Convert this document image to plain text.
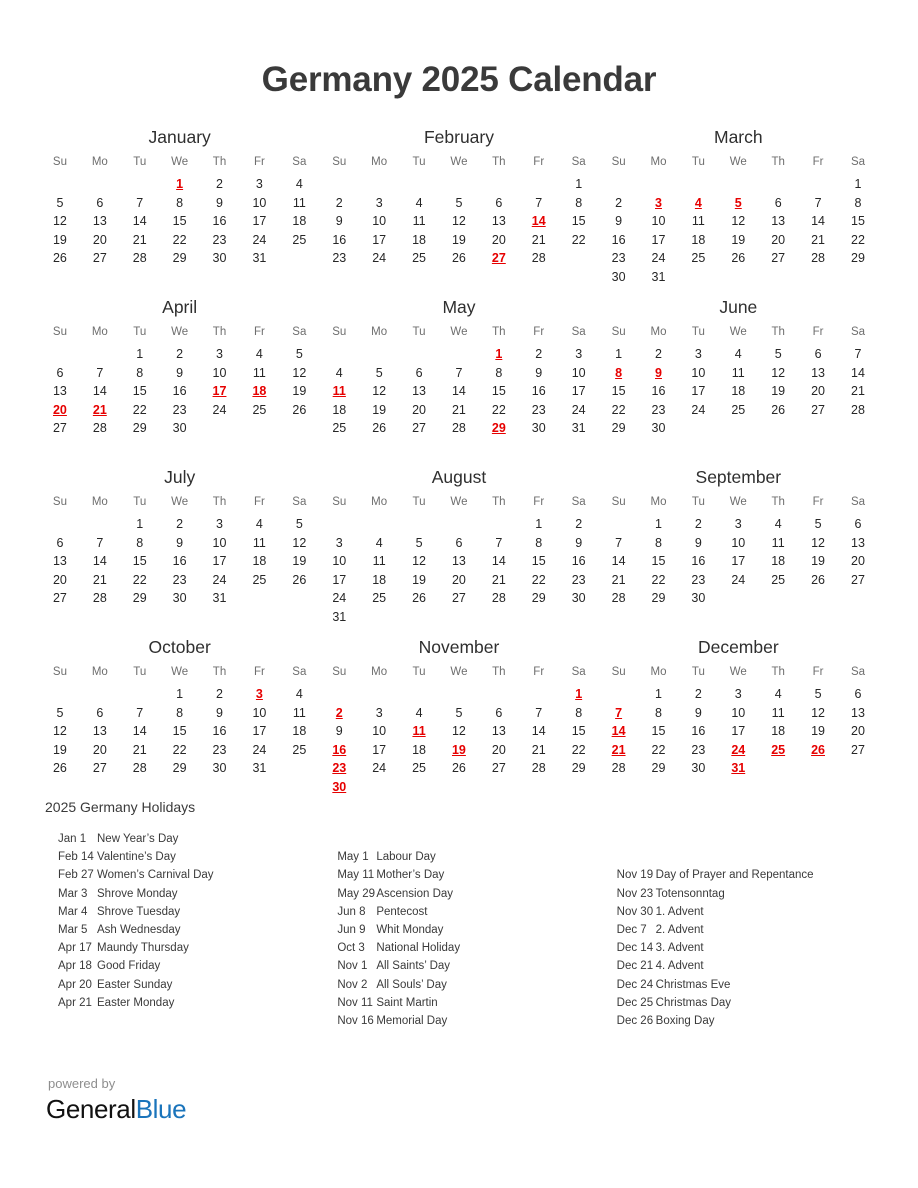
Germany 2025 Calendar
January
Su	Mo	Tu	We	Th	Fr	Sa
			1	2	3	4
5	6	7	8	9	10	11
12	13	14	15	16	17	18
19	20	21	22	23	24	25
26	27	28	29	30	31	
February
Su	Mo	Tu	We	Th	Fr	Sa
						1
2	3	4	5	6	7	8
9	10	11	12	13	14	15
16	17	18	19	20	21	22
23	24	25	26	27	28	
March
Su	Mo	Tu	We	Th	Fr	Sa
						1
2	3	4	5	6	7	8
9	10	11	12	13	14	15
16	17	18	19	20	21	22
23	24	25	26	27	28	29
30	31					
April
Su	Mo	Tu	We	Th	Fr	Sa
		1	2	3	4	5
6	7	8	9	10	11	12
13	14	15	16	17	18	19
20	21	22	23	24	25	26
27	28	29	30			
May
Su	Mo	Tu	We	Th	Fr	Sa
				1	2	3
4	5	6	7	8	9	10
11	12	13	14	15	16	17
18	19	20	21	22	23	24
25	26	27	28	29	30	31
June
Su	Mo	Tu	We	Th	Fr	Sa
1	2	3	4	5	6	7
8	9	10	11	12	13	14
15	16	17	18	19	20	21
22	23	24	25	26	27	28
29	30					
July
Su	Mo	Tu	We	Th	Fr	Sa
		1	2	3	4	5
6	7	8	9	10	11	12
13	14	15	16	17	18	19
20	21	22	23	24	25	26
27	28	29	30	31		
August
Su	Mo	Tu	We	Th	Fr	Sa
					1	2
3	4	5	6	7	8	9
10	11	12	13	14	15	16
17	18	19	20	21	22	23
24	25	26	27	28	29	30
31						
September
Su	Mo	Tu	We	Th	Fr	Sa
	1	2	3	4	5	6
7	8	9	10	11	12	13
14	15	16	17	18	19	20
21	22	23	24	25	26	27
28	29	30				
October
Su	Mo	Tu	We	Th	Fr	Sa
			1	2	3	4
5	6	7	8	9	10	11
12	13	14	15	16	17	18
19	20	21	22	23	24	25
26	27	28	29	30	31	
November
Su	Mo	Tu	We	Th	Fr	Sa
						1
2	3	4	5	6	7	8
9	10	11	12	13	14	15
16	17	18	19	20	21	22
23	24	25	26	27	28	29
30						
December
Su	Mo	Tu	We	Th	Fr	Sa
	1	2	3	4	5	6
7	8	9	10	11	12	13
14	15	16	17	18	19	20
21	22	23	24	25	26	27
28	29	30	31			
2025 Germany Holidays
Jan 1 New Year’s Day
Feb 14 Valentine’s Day
Feb 27 Women’s Carnival Day
Mar 3 Shrove Monday
Mar 4 Shrove Tuesday
Mar 5 Ash Wednesday
Apr 17 Maundy Thursday
Apr 18 Good Friday
Apr 20 Easter Sunday
Apr 21 Easter Monday
May 1 Labour Day
May 11 Mother’s Day
May 29 Ascension Day
Jun 8 Pentecost
Jun 9 Whit Monday
Oct 3	National Holiday
Nov 1 All Saints’ Day
Nov 2 All Souls’ Day
Nov 11 Saint Martin
Nov 16 Memorial Day
Nov 19 Day of Prayer and Repentance
Nov 23 Totensonntag
Nov 30 1. Advent
Dec 7 2. Advent
Dec 14 3. Advent
Dec 21 4. Advent
Dec 24 Christmas Eve
Dec 25 Christmas Day
Dec 26 Boxing Day
powered by
GeneralBlue
